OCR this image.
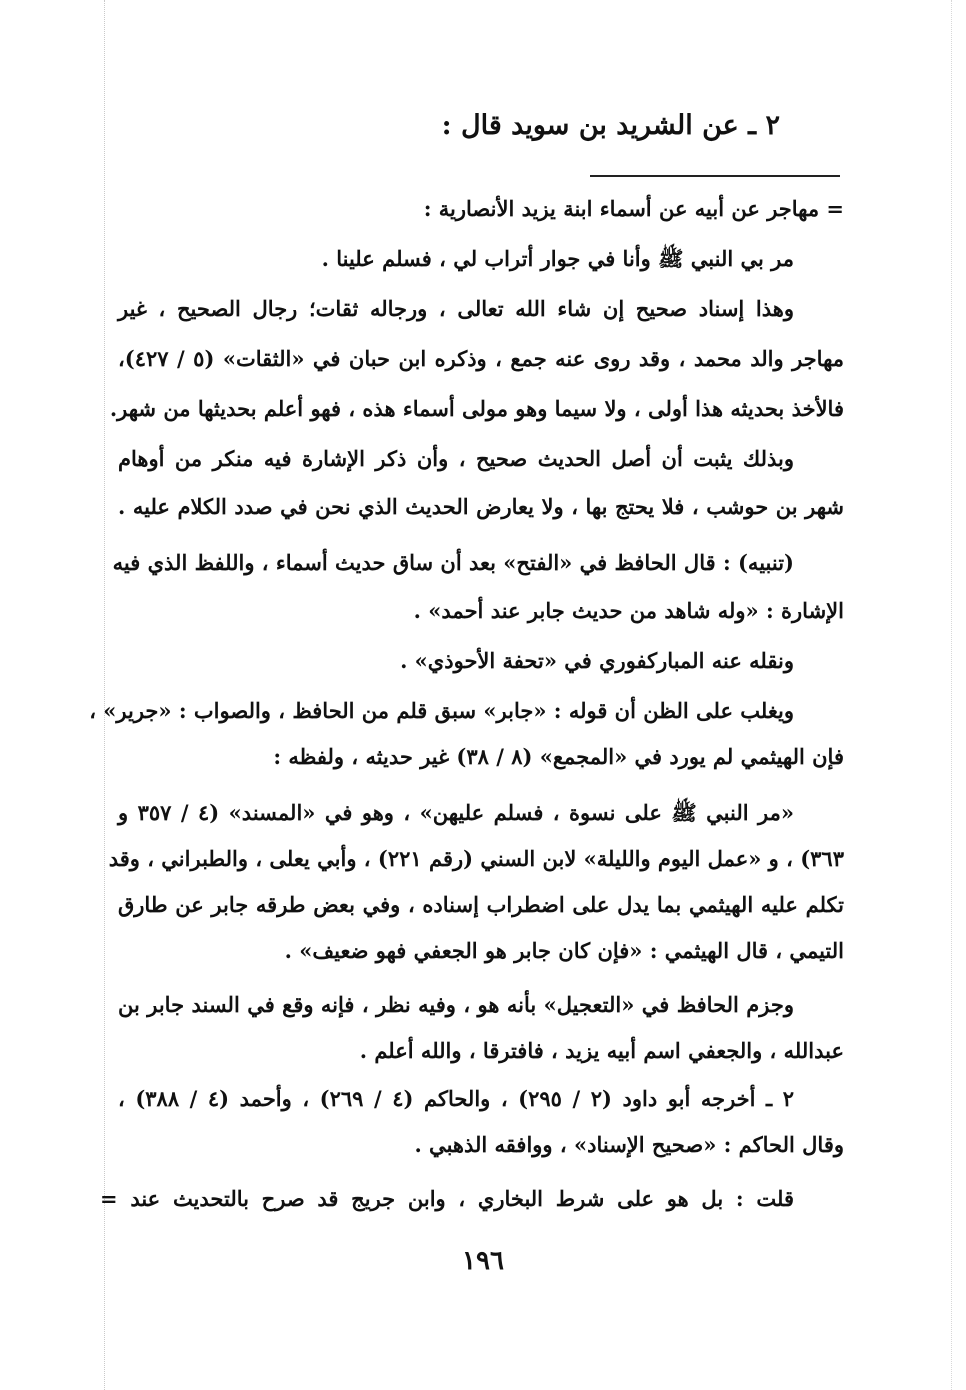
٢ ـ عن الشريد بن سويد قال :
= مهاجر عن أبيه عن أسماء ابنة يزيد الأنصارية :
مر بي النبي ﷺ وأنا في جوار أتراب لي ، فسلم علينا .
وهذا إسناد صحيح إن شاء الله تعالى ، ورجاله ثقات؛ رجال الصحيح ، غير
مهاجر والد محمد ، وقد روى عنه جمع ، وذكره ابن حبان في «الثقات» (٥ / ٤٢٧)،
فالأخذ بحديثه هذا أولى ، ولا سيما وهو مولى أسماء هذه ، فهو أعلم بحديثها من شهر.
وبذلك يثبت أن أصل الحديث صحيح ، وأن ذكر الإشارة فيه منكر من أوهام
شهر بن حوشب ، فلا يحتج بها ، ولا يعارض الحديث الذي نحن في صدد الكلام عليه .
(تنبيه) : قال الحافظ في «الفتح» بعد أن ساق حديث أسماء ، واللفظ الذي فيه
الإشارة : «وله شاهد من حديث جابر عند أحمد» .
ونقله عنه المباركفوري في «تحفة الأحوذي» .
ويغلب على الظن أن قوله : «جابر» سبق قلم من الحافظ ، والصواب : «جرير» ،
فإن الهيثمي لم يورد في «المجمع» (٨ / ٣٨) غير حديثه ، ولفظه :
«مر النبي ﷺ على نسوة ، فسلم عليهن» ، وهو في «المسند» (٤ / ٣٥٧ و
٣٦٣) ، و «عمل اليوم والليلة» لابن السني (رقم ٢٢١) ، وأبي يعلى ، والطبراني ، وقد
تكلم عليه الهيثمي بما يدل على اضطراب إسناده ، وفي بعض طرقه جابر عن طارق
التيمي ، قال الهيثمي : «فإن كان جابر هو الجعفي فهو ضعيف» .
وجزم الحافظ في «التعجيل» بأنه هو ، وفيه نظر ، فإنه وقع في السند جابر بن
عبدالله ، والجعفي اسم أبيه يزيد ، فافترقا ، والله أعلم .
٢ ـ أخرجه أبو داود (٢ / ٢٩٥) ، والحاكم (٤ / ٢٦٩) ، وأحمد (٤ / ٣٨٨) ،
وقال الحاكم : «صحيح الإسناد» ، ووافقه الذهبي .
قلت : بل هو على شرط البخاري ، وابن جريج قد صرح بالتحديث عند =
١٩٦
